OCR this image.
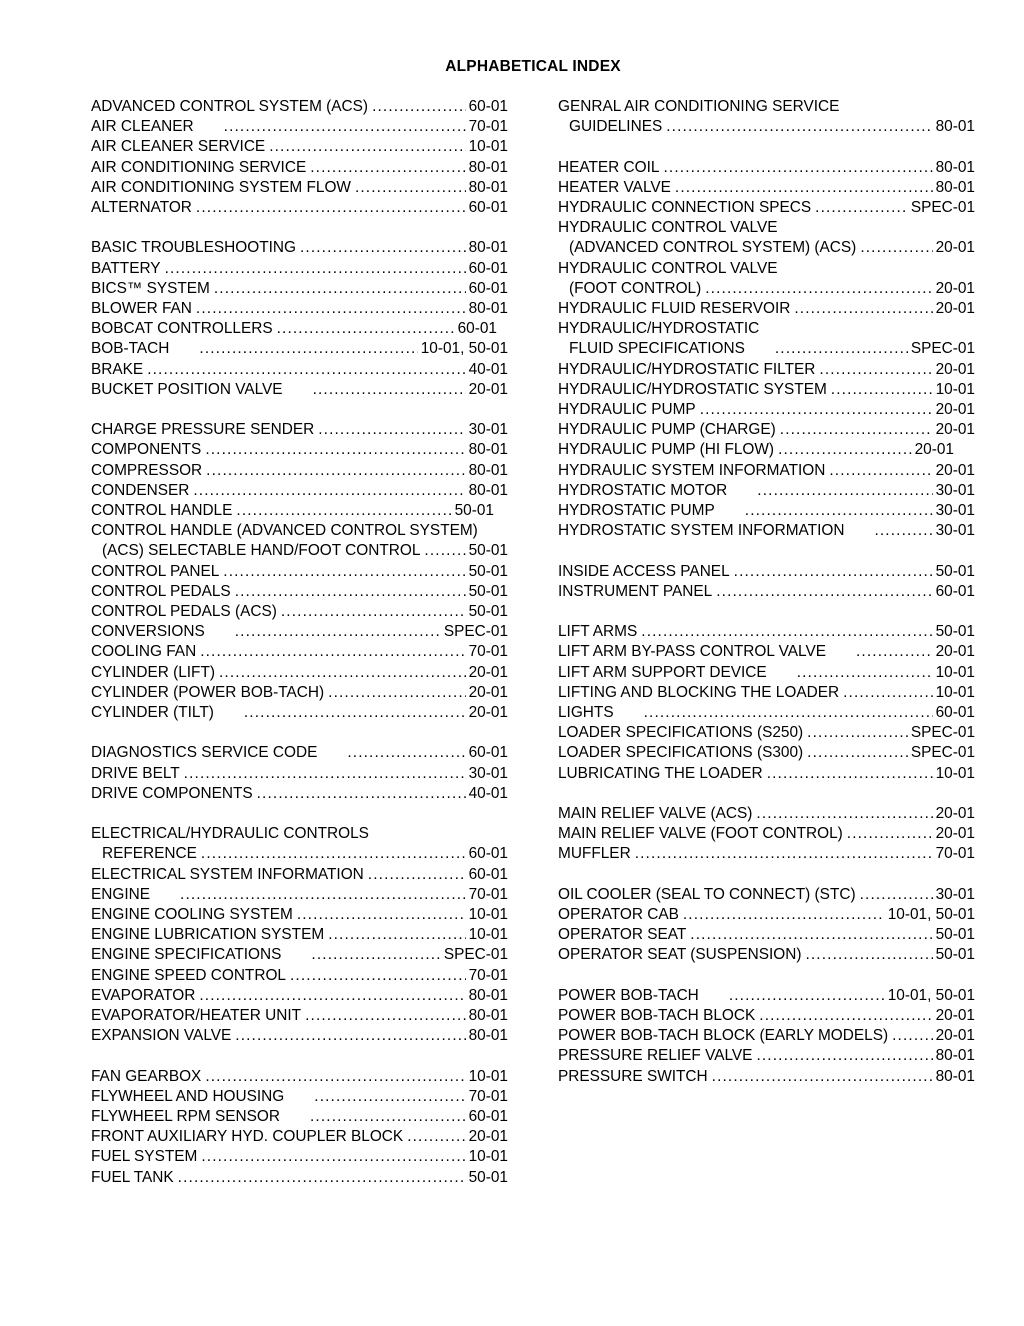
ALPHABETICAL INDEX
ADVANCED CONTROL SYSTEM (ACS) .....	60-01
AIR CLEANER .....	70-01
AIR CLEANER SERVICE .....	10-01
AIR CONDITIONING SERVICE .....	80-01
AIR CONDITIONING SYSTEM FLOW .....	80-01
ALTERNATOR .....	60-01
BASIC TROUBLESHOOTING .....	80-01
BATTERY .....	60-01
BICS™ SYSTEM .....	60-01
BLOWER FAN .....	80-01
BOBCAT CONTROLLERS .....	60-01
BOB-TACH .....	10-01, 50-01
BRAKE .....	40-01
BUCKET POSITION VALVE .....	20-01
CHARGE PRESSURE SENDER .....	30-01
COMPONENTS .....	80-01
COMPRESSOR .....	80-01
CONDENSER .....	80-01
CONTROL HANDLE .....	50-01
CONTROL HANDLE (ADVANCED CONTROL SYSTEM)
(ACS) SELECTABLE HAND/FOOT CONTROL .....	50-01
CONTROL PANEL .....	50-01
CONTROL PEDALS .....	50-01
CONTROL PEDALS (ACS) .....	50-01
CONVERSIONS .....	SPEC-01
COOLING FAN .....	70-01
CYLINDER (LIFT) .....	20-01
CYLINDER (POWER BOB-TACH) .....	20-01
CYLINDER (TILT) .....	20-01
DIAGNOSTICS SERVICE CODE .....	60-01
DRIVE BELT .....	30-01
DRIVE COMPONENTS .....	40-01
ELECTRICAL/HYDRAULIC CONTROLS
REFERENCE .....	60-01
ELECTRICAL SYSTEM INFORMATION .....	60-01
ENGINE .....	70-01
ENGINE COOLING SYSTEM .....	10-01
ENGINE LUBRICATION SYSTEM .....	10-01
ENGINE SPECIFICATIONS .....	SPEC-01
ENGINE SPEED CONTROL .....	70-01
EVAPORATOR .....	80-01
EVAPORATOR/HEATER UNIT .....	80-01
EXPANSION VALVE .....	80-01
FAN GEARBOX .....	10-01
FLYWHEEL AND HOUSING .....	70-01
FLYWHEEL RPM SENSOR .....	60-01
FRONT AUXILIARY HYD. COUPLER BLOCK .....	20-01
FUEL SYSTEM .....	10-01
FUEL TANK .....	50-01
GENRAL AIR CONDITIONING SERVICE
GUIDELINES .....	80-01
HEATER COIL .....	80-01
HEATER VALVE .....	80-01
HYDRAULIC CONNECTION SPECS .....	SPEC-01
HYDRAULIC CONTROL VALVE
(ADVANCED CONTROL SYSTEM) (ACS) .....	20-01
HYDRAULIC CONTROL VALVE
(FOOT CONTROL) .....	20-01
HYDRAULIC FLUID RESERVOIR .....	20-01
HYDRAULIC/HYDROSTATIC
FLUID SPECIFICATIONS .....	SPEC-01
HYDRAULIC/HYDROSTATIC FILTER .....	20-01
HYDRAULIC/HYDROSTATIC SYSTEM .....	10-01
HYDRAULIC PUMP .....	20-01
HYDRAULIC PUMP (CHARGE) .....	20-01
HYDRAULIC PUMP (HI FLOW) .....	20-01
HYDRAULIC SYSTEM INFORMATION .....	20-01
HYDROSTATIC MOTOR .....	30-01
HYDROSTATIC PUMP .....	30-01
HYDROSTATIC SYSTEM INFORMATION .....	30-01
INSIDE ACCESS PANEL .....	50-01
INSTRUMENT PANEL .....	60-01
LIFT ARMS .....	50-01
LIFT ARM BY-PASS CONTROL VALVE .....	20-01
LIFT ARM SUPPORT DEVICE .....	10-01
LIFTING AND BLOCKING THE LOADER .....	10-01
LIGHTS .....	60-01
LOADER SPECIFICATIONS (S250) .....	SPEC-01
LOADER SPECIFICATIONS (S300) .....	SPEC-01
LUBRICATING THE LOADER .....	10-01
MAIN RELIEF VALVE (ACS) .....	20-01
MAIN RELIEF VALVE (FOOT CONTROL) .....	20-01
MUFFLER .....	70-01
OIL COOLER (SEAL TO CONNECT) (STC) .....	30-01
OPERATOR CAB .....	10-01, 50-01
OPERATOR SEAT .....	50-01
OPERATOR SEAT (SUSPENSION) .....	50-01
POWER BOB-TACH .....	10-01, 50-01
POWER BOB-TACH BLOCK .....	20-01
POWER BOB-TACH BLOCK (EARLY MODELS) .....	20-01
PRESSURE RELIEF VALVE .....	80-01
PRESSURE SWITCH .....	80-01
